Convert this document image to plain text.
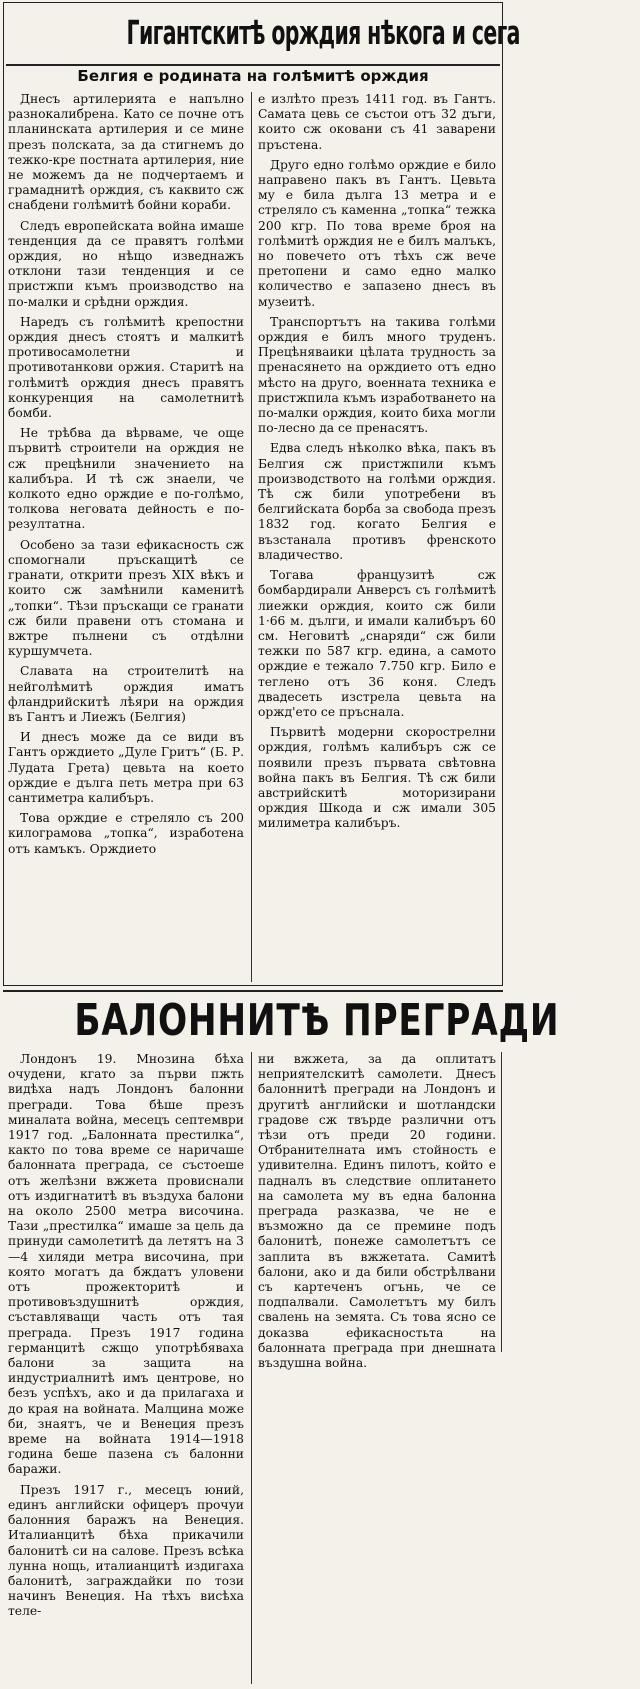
Гигантскитѣ орждия нѣкога и сега
Белгия е родината на голѣмитѣ орждия

Днесъ артилерията е напълно разнокалибрена. Като се почне отъ планинската артилерия и се мине презъ полската, за да стигнемъ до тежко-кре постната артилерия, ние не можемъ да не подчертаемъ и грамаднитѣ орждия, съ каквито сж снабдени голѣмитѣ бойни кораби.

Следъ европейската война имаше тенденция да се правятъ голѣми орждия, но нѣщо изведнажъ отклони тази тенденция и се пристжпи къмъ производство на по-малки и срѣдни орждия.

Наредъ съ голѣмитѣ крепостни орждия днесъ стоятъ и малкитѣ противосамолетни и противотанкови оржия. Старитѣ на голѣмитѣ орждия днесъ правятъ конкуренция на самолетнитѣ бомби.

Не трѣбва да вѣрваме, че още първитѣ строители на орждия не сж прецѣнили значението на калибъра. И тѣ сж знаели, че колкото едно орждие е по-голѣмо, толкова неговата дейность е по-резултатна.

Особено за тази ефикасность сж спомогнали пръскащитѣ се гранати, открити презъ XIX вѣкъ и които сж замѣнили каменитѣ „топки“. Тѣзи пръскащи се гранати сж били правени отъ стомана и вжтре пълнени съ отдѣлни куршумчета.

Славата на строителитѣ на нейголѣмитѣ орждия иматъ фландрийскитѣ лѣяри на орждия въ Гантъ и Лиежъ (Белгия)

И днесъ може да се види въ Гантъ орждието „Дуле Гритъ“ (Б. Р. Лудата Грета) цевьта на което орждие е дълга петь метра при 63 сантиметра калибъръ.

Това орждие е стреляло съ 200 килограмова „топка“, изработена отъ камъкъ. Орждието

е излѣто презъ 1411 год. въ Гантъ. Самата цевь се състои отъ 32 дъги, които сж оковани съ 41 заварени пръстена.

Друго едно голѣмо орждие е било направено пакъ въ Гантъ. Цевьта му е била дълга 13 метра и е стреляло съ каменна „топка“ тежка 200 кгр. По това време броя на голѣмитѣ орждия не е билъ малъкъ, но повечето отъ тѣхъ сж вече претопени и само едно малко количество е запазено днесъ въ музеитѣ.

Транспортътъ на такива голѣми орждия е билъ много труденъ. Прецѣняваики цѣлата трудность за пренасянето на орждието отъ едно мѣсто на друго, военната техника е пристжпила къмъ изработването на по-малки орждия, които биха могли по-лесно да се пренасятъ.

Едва следъ нѣколко вѣка, пакъ въ Белгия сж пристжпили къмъ производството на голѣми орждия. Тѣ сж били употребени въ белгийската борба за свобода презъ 1832 год. когато Белгия е възстанала противъ френското владичество.

Тогава французитѣ сж бомбардирали Анверсъ съ голѣмитѣ лиежки орждия, които сж били 1·66 м. дълги, и имали калибъръ 60 см. Неговитѣ „снаряди“ сж били тежки по 587 кгр. едина, а самото орждие е тежало 7.750 кгр. Било е теглено отъ 36 коня. Следъ двадесеть изстрела цевьта на оржд'ето се пръснала.

Първитѣ модерни скорострелни орждия, голѣмъ калибъръ сж се появили презъ първата свѣтовна война пакъ въ Белгия. Тѣ сж били австрийскитѣ моторизирани орждия Шкода и сж имали 305 милиметра калибъръ.

БАЛОННИТѢ ПРЕГРАДИ

Лондонъ 19. Мнозина бѣха очудени, кгато за първи пжть видѣха надъ Лондонъ балонни прегради. Това бѣше презъ миналата война, месецъ септември 1917 год. „Балонната престилка“, както по това време се наричаше балонната преграда, се състоеше отъ желѣзни вжжета провиснали отъ издигнатитѣ въ въздуха балони на около 2500 метра височина. Тази „престилка“ имаше за цель да принуди самолетитѣ да летятъ на 3—4 хиляди метра височина, при която могатъ да бждатъ уловени отъ прожекторитѣ и противовъздушнитѣ орждия, съставляващи часть отъ тая преграда. Презъ 1917 година германцитѣ сжщо употрѣбяваха балони за защита на индустриалнитѣ имъ центрове, но безъ успѣхъ, ако и да прилагаха и до края на войната. Малцина може би, знаятъ, че и Венеция презъ време на войната 1914—1918 година беше пазена съ балонни баражи.

Презъ 1917 г., месецъ юний, единъ английски офицеръ прочуи балонния баражъ на Венеция. Италианцитѣ бѣха прикачили балонитѣ си на салове. Презъ всѣка лунна нощь, италианцитѣ издигаха балонитѣ, заграждайки по този начинъ Венеция. На тѣхъ висѣха теле-

ни вжжета, за да оплитатъ неприятелскитѣ самолети. Днесъ балоннитѣ прегради на Лондонъ и другитѣ английски и шотландски градове сж твърде различни отъ тѣзи отъ преди 20 години. Отбранителната имъ стойность е удивителна. Единъ пилотъ, който е падналъ въ следствие оплитането на самолета му въ една балонна преграда разказва, че не е възможно да се премине подъ балонитѣ, понеже самолетътъ се заплита въ вжжетата. Самитѣ балони, ако и да били обстрѣлвани съ картеченъ огънь, че се подпалвали. Самолетътъ му билъ свалень на земята. Съ това ясно се доказва ефикасностьта на балонната преграда при днешната въздушна война.
